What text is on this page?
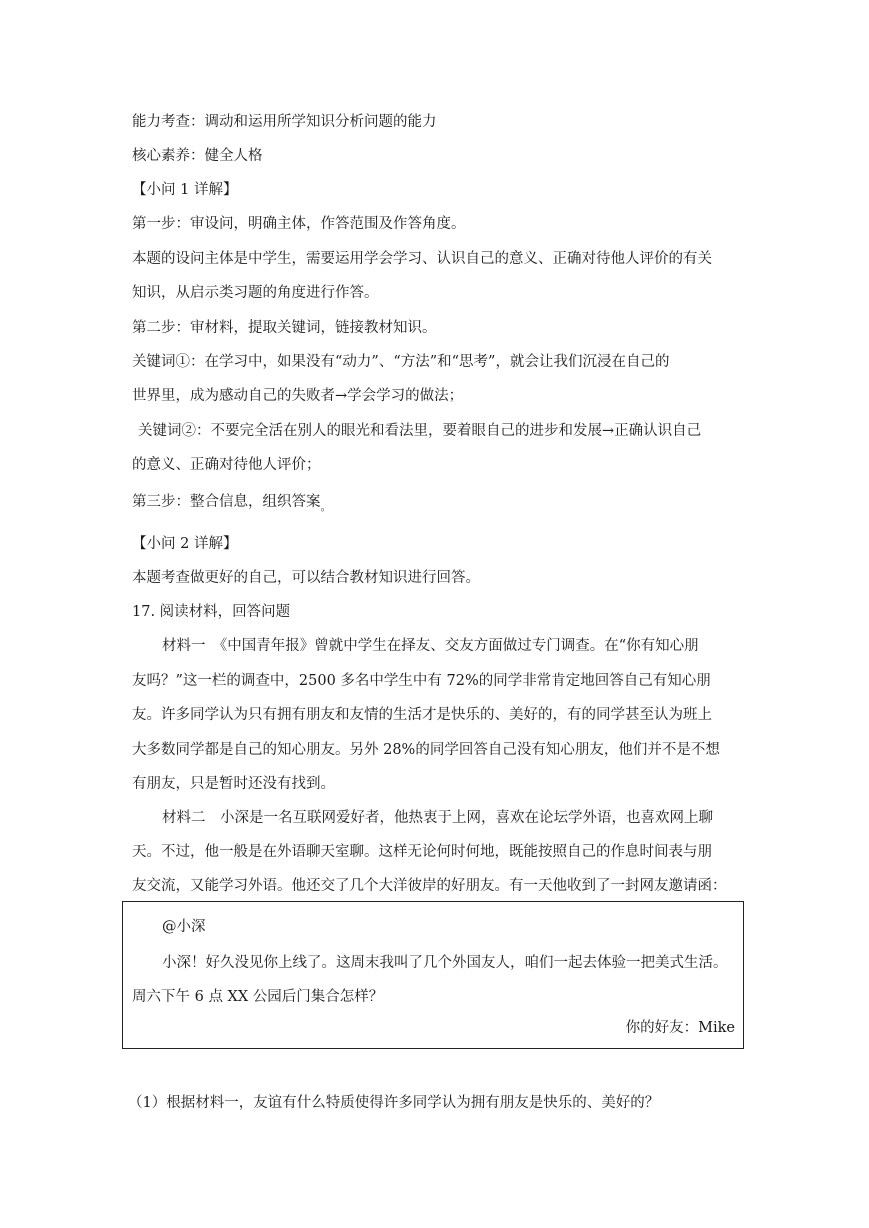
能力考查：调动和运用所学知识分析问题的能力

核心素养：健全人格

【小问 1 详解】

第一步：审设问，明确主体，作答范围及作答角度。

本题的设问主体是中学生，需要运用学会学习、认识自己的意义、正确对待他人评价的有关

知识，从启示类习题的角度进行作答。

第二步：审材料，提取关键词，链接教材知识。

关键词①：在学习中，如果没有“动力”、“方法”和“思考”，就会让我们沉浸在自己的

世界里，成为感动自己的失败者→学会学习的做法；

关键词②：不要完全活在别人的眼光和看法里，要着眼自己的进步和发展→正确认识自己

的意义、正确对待他人评价；

第三步：整合信息，组织答案$_。$

【小问 2 详解】

本题考查做更好的自己，可以结合教材知识进行回答。

17. 阅读材料，回答问题

材料一　《中国青年报》曾就中学生在择友、交友方面做过专门调查。在“你有知心朋

友吗？”这一栏的调查中，2500 多名中学生中有 72%的同学非常肯定地回答自己有知心朋

友。许多同学认为只有拥有朋友和友情的生活才是快乐的、美好的，有的同学甚至认为班上

大多数同学都是自己的知心朋友。另外 28%的同学回答自己没有知心朋友，他们并不是不想

有朋友，只是暂时还没有找到。

材料二　小深是一名互联网爱好者，他热衷于上网，喜欢在论坛学外语，也喜欢网上聊

天。不过，他一般是在外语聊天室聊。这样无论何时何地，既能按照自己的作息时间表与朋

友交流，又能学习外语。他还交了几个大洋彼岸的好朋友。有一天他收到了一封网友邀请函：

@小深

小深！好久没见你上线了。这周末我叫了几个外国友人，咱们一起去体验一把美式生活。

周六下午 6 点 XX 公园后门集合怎样？

你的好友：Mike

（1）根据材料一，友谊有什么特质使得许多同学认为拥有朋友是快乐的、美好的？
